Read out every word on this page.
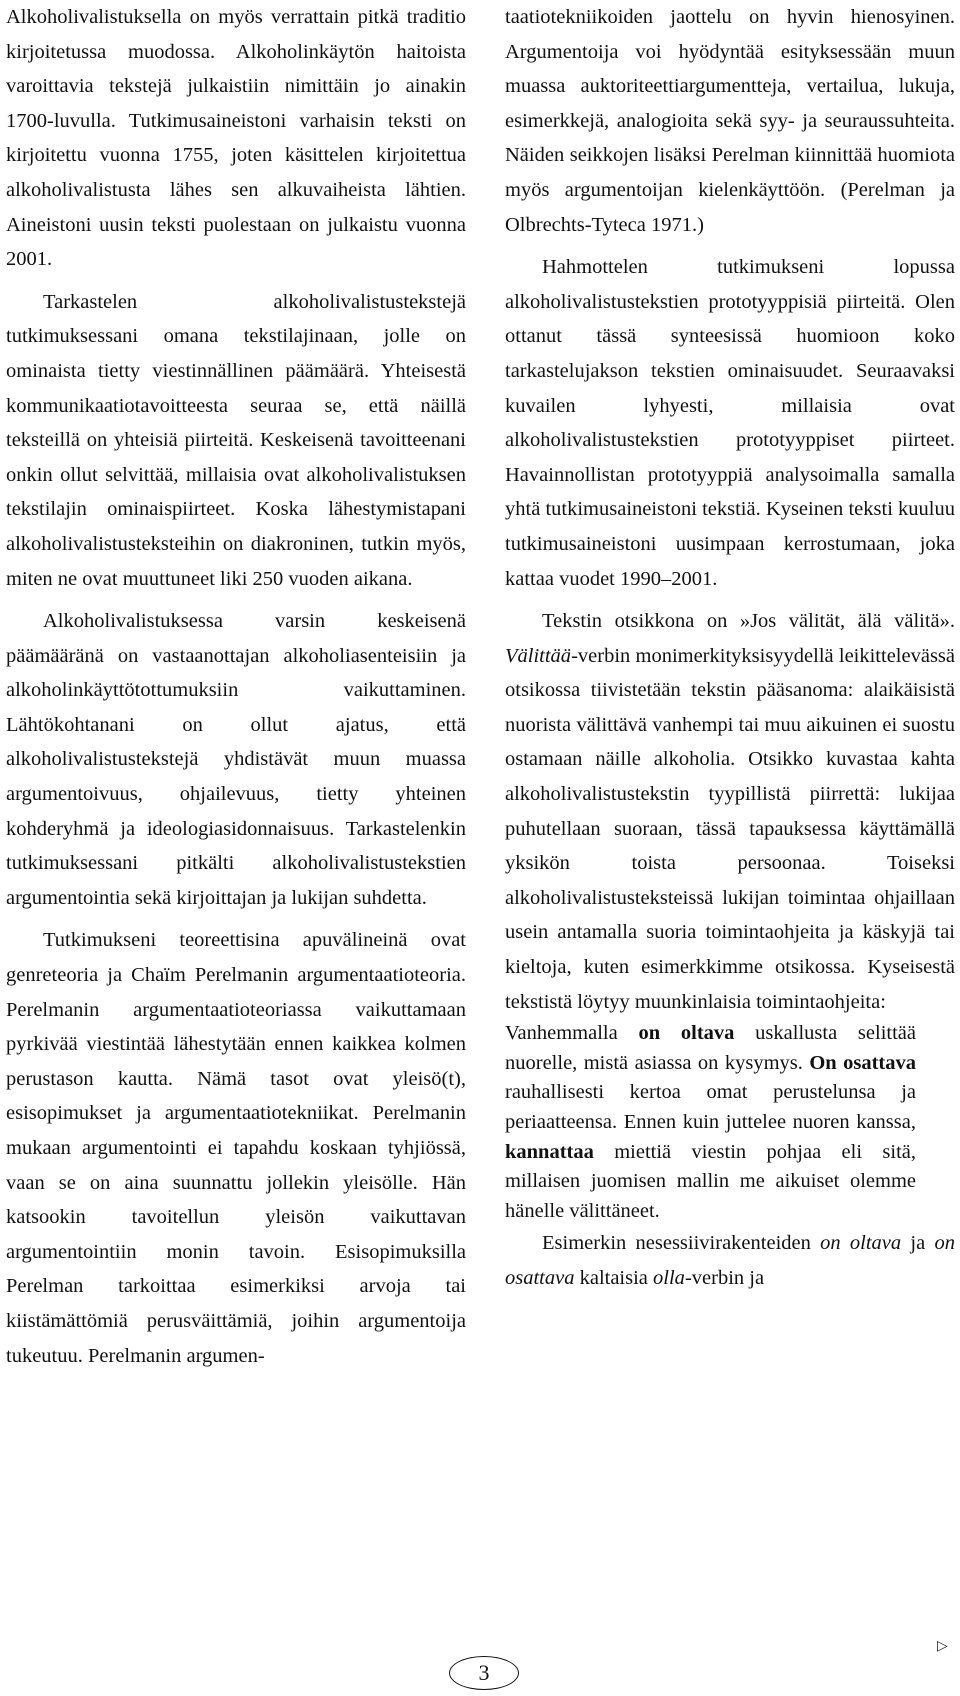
Alkoholivalistuksella on myös verrattain pitkä traditio kirjoitetussa muodossa. Alkoholinkäytön haitoista varoittavia tekstejä julkaistiin nimittäin jo ainakin 1700-luvulla. Tutkimusaineistoni varhaisin teksti on kirjoitettu vuonna 1755, joten käsittelen kirjoitettua alkoholivalistusta lähes sen alkuvaiheista lähtien. Aineistoni uusin teksti puolestaan on julkaistu vuonna 2001.

Tarkastelen alkoholivalistustekstejä tutkimuksessani omana tekstilajinaan, jolle on ominaista tietty viestinnällinen päämäärä. Yhteisestä kommunikaatiotavoitteesta seuraa se, että näillä teksteillä on yhteisiä piirteitä. Keskeisenä tavoitteenani onkin ollut selvittää, millaisia ovat alkoholivalistuksen tekstilajin ominaispiirteet. Koska lähestymistapani alkoholivalistusteksteihin on diakroninen, tutkin myös, miten ne ovat muuttuneet liki 250 vuoden aikana.

Alkoholivalistuksessa varsin keskeisenä päämääränä on vastaanottajan alkoholiasenteisiin ja alkoholinkäyttötottumuksiin vaikuttaminen. Lähtökohtanani on ollut ajatus, että alkoholivalistustekstejä yhdistävät muun muassa argumentoivuus, ohjailevuus, tietty yhteinen kohderyhmä ja ideologiasidonnaisuus. Tarkastelenkin tutkimuksessani pitkälti alkoholivalistustekstien argumentointia sekä kirjoittajan ja lukijan suhdetta.

Tutkimukseni teoreettisina apuvälineinä ovat genreteoria ja Chaïm Perelmanin argumentaatioteoria. Perelmanin argumentaatioteoriassa vaikuttamaan pyrkivää viestintää lähestytään ennen kaikkea kolmen perustason kautta. Nämä tasot ovat yleisö(t), esisopimukset ja argumentaatiotekniikat. Perelmanin mukaan argumentointi ei tapahdu koskaan tyhjiössä, vaan se on aina suunnattu jollekin yleisölle. Hän katsookin tavoitellun yleisön vaikuttavan argumentointiin monin tavoin. Esisopimuksilla Perelman tarkoittaa esimerkiksi arvoja tai kiistämättömiä perusväittämiä, joihin argumentoija tukeutuu. Perelmanin argumen-

taatiotekniikoiden jaottelu on hyvin hienosyinen. Argumentoija voi hyödyntää esityksessään muun muassa auktoriteettiargumentteja, vertailua, lukuja, esimerkkejä, analogioita sekä syy- ja seuraussuhteita. Näiden seikkojen lisäksi Perelman kiinnittää huomiota myös argumentoijan kielenkäyttöön. (Perelman ja Olbrechts-Tyteca 1971.)

Hahmottelen tutkimukseni lopussa alkoholivalistustekstien prototyyppisiä piirteitä. Olen ottanut tässä synteesissä huomioon koko tarkastelujakson tekstien ominaisuudet. Seuraavaksi kuvailen lyhyesti, millaisia ovat alkoholivalistustekstien prototyyppiset piirteet. Havainnollistan prototyyppiä analysoimalla samalla yhtä tutkimusaineistoni tekstiä. Kyseinen teksti kuuluu tutkimusaineistoni uusimpaan kerrostumaan, joka kattaa vuodet 1990–2001.

Tekstin otsikkona on »Jos välität, älä välitä». Välittää-verbin monimerkityksisyydellä leikittelevässä otsikossa tiivistetään tekstin pääsanoma: alaikäisistä nuorista välittävä vanhempi tai muu aikuinen ei suostu ostamaan näille alkoholia. Otsikko kuvastaa kahta alkoholivalistustekstin tyypillistä piirrettä: lukijaa puhutellaan suoraan, tässä tapauksessa käyttämällä yksikön toista persoonaa. Toiseksi alkoholivalistusteksteissä lukijan toimintaa ohjaillaan usein antamalla suoria toimintaohjeita ja käskyjä tai kieltoja, kuten esimerkkimme otsikossa. Kyseisestä tekstistä löytyy muunkinlaisia toimintaohjeita:

Vanhemmalla on oltava uskallusta selittää nuorelle, mistä asiassa on kysymys. On osattava rauhallisesti kertoa omat perustelunsa ja periaatteensa. Ennen kuin juttelee nuoren kanssa, kannattaa miettiä viestin pohjaa eli sitä, millaisen juomisen mallin me aikuiset olemme hänelle välittäneet.

Esimerkin nesessiivirakenteiden on oltava ja on osattava kaltaisia olla-verbin ja

▷
3
